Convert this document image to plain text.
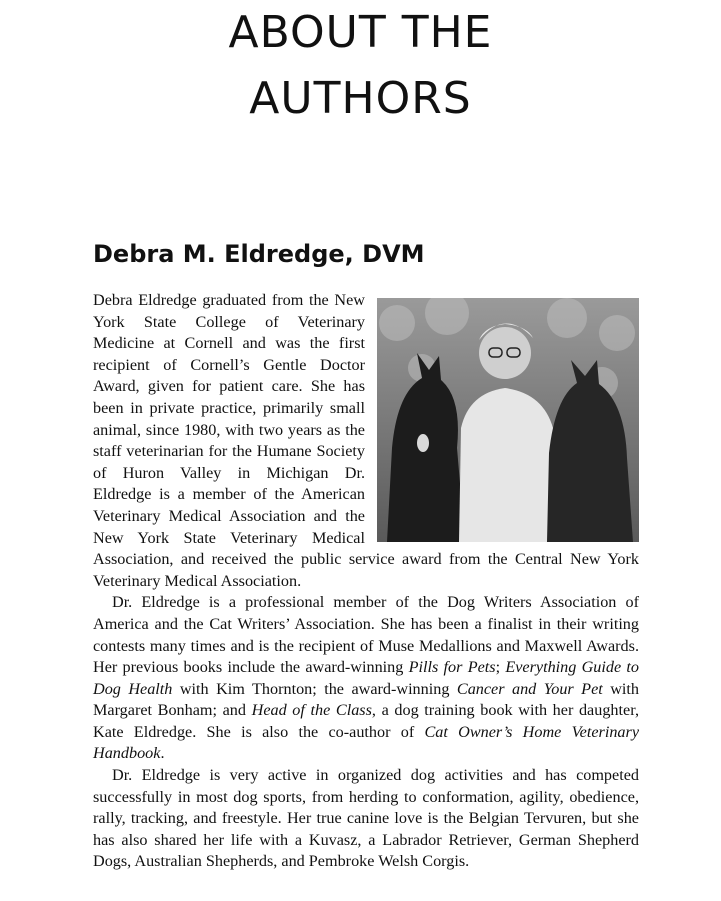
ABOUT THE
AUTHORS
Debra M. Eldredge, DVM

Debra Eldredge graduated from the New York State College of Veterinary Medicine at Cornell and was the first recipient of Cornell’s Gentle Doctor Award, given for patient care. She has been in private practice, primarily small animal, since 1980, with two years as the staff veterinarian for the Humane Society of Huron Valley in Michigan Dr. Eldredge is a member of the American Veterinary Medical Association and the New York State Veterinary Medical Association, and received the public service award from the Central New York Veterinary Medical Association.

Dr. Eldredge is a professional member of the Dog Writers Association of America and the Cat Writers’ Association. She has been a finalist in their writing contests many times and is the recipient of Muse Medallions and Maxwell Awards. Her previous books include the award-winning Pills for Pets; Everything Guide to Dog Health with Kim Thornton; the award-winning Cancer and Your Pet with Margaret Bonham; and Head of the Class, a dog training book with her daughter, Kate Eldredge. She is also the co-author of Cat Owner’s Home Veterinary Handbook.

Dr. Eldredge is very active in organized dog activities and has competed successfully in most dog sports, from herding to conformation, agility, obedience, rally, tracking, and freestyle. Her true canine love is the Belgian Tervuren, but she has also shared her life with a Kuvasz, a Labrador Retriever, German Shepherd Dogs, Australian Shepherds, and Pembroke Welsh Corgis.
